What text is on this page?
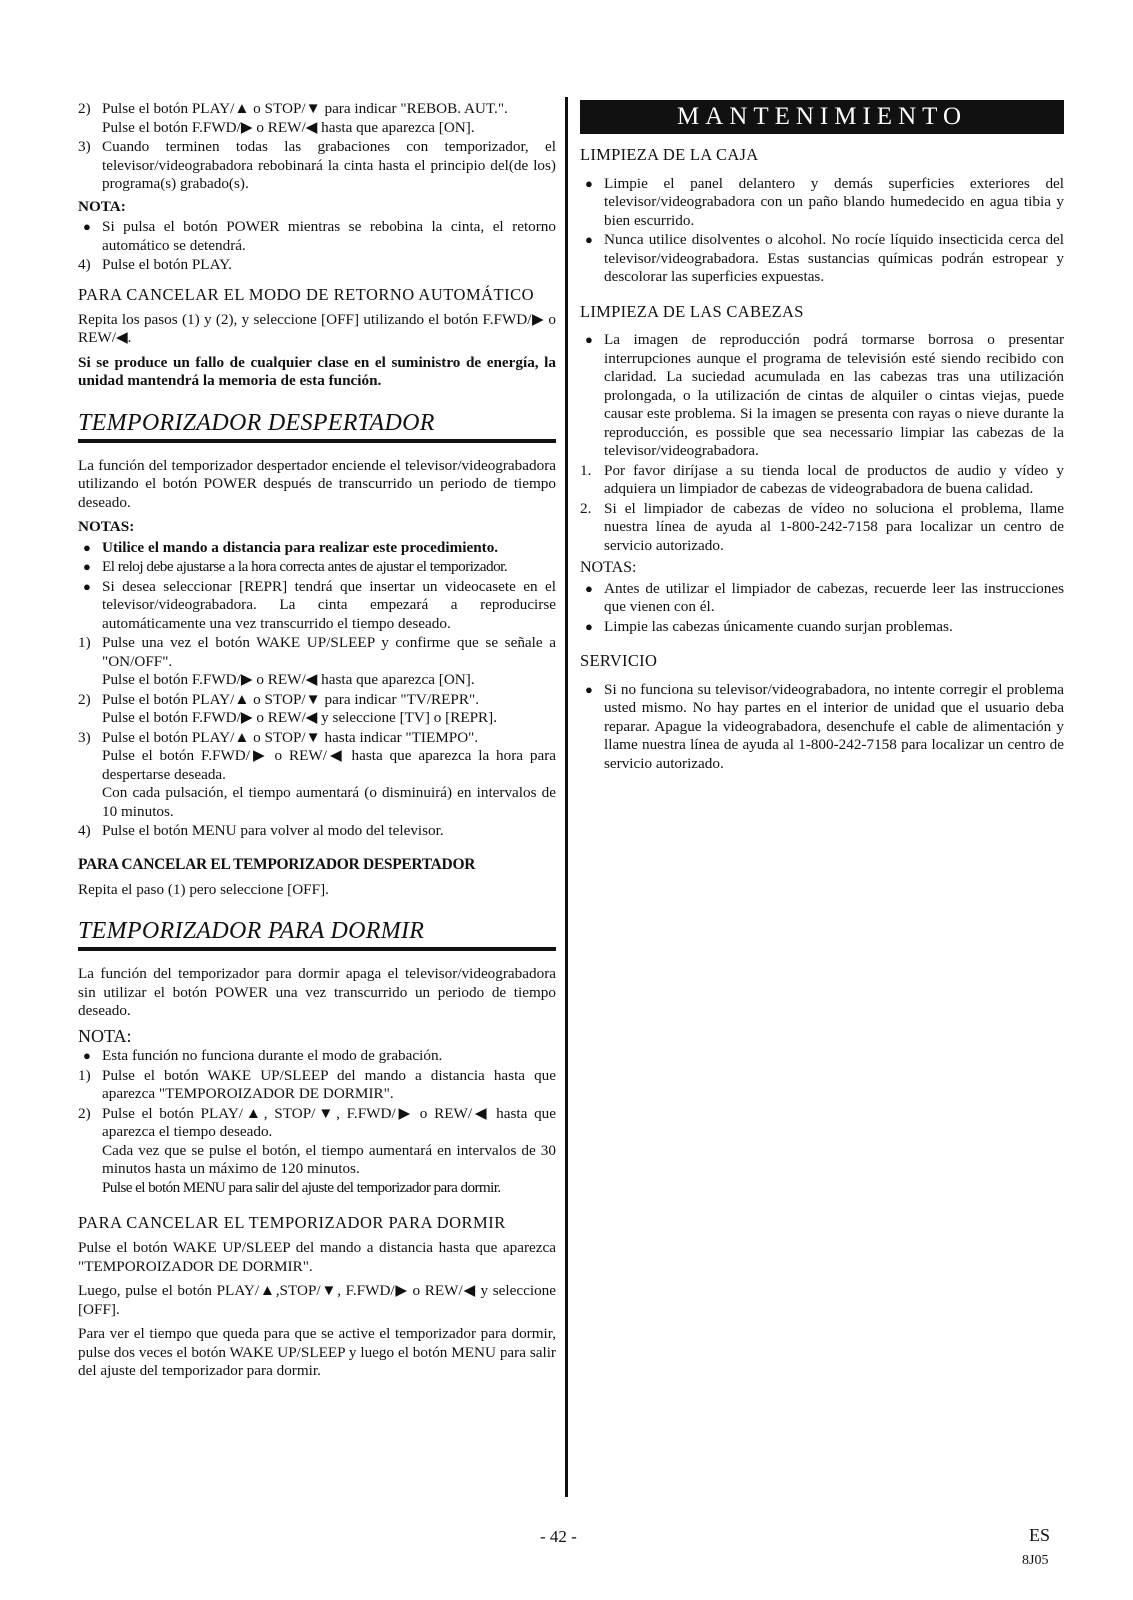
2) Pulse el botón PLAY/▲ o STOP/▼ para indicar "REBOB. AUT.".
Pulse el botón F.FWD/▶ o REW/◀ hasta que aparezca [ON].
3) Cuando terminen todas las grabaciones con temporizador, el televisor/videograbadora rebobinará la cinta hasta el principio del(de los) programa(s) grabado(s).
NOTA:
● Si pulsa el botón POWER mientras se rebobina la cinta, el retorno automático se detendrá.
4) Pulse el botón PLAY.
PARA CANCELAR EL MODO DE RETORNO AUTOMÁTICO

Repita los pasos (1) y (2), y seleccione [OFF] utilizando el botón F.FWD/▶ o REW/◀.

Si se produce un fallo de cualquier clase en el suministro de energía, la unidad mantendrá la memoria de esta función.

TEMPORIZADOR DESPERTADOR

La función del temporizador despertador enciende el televisor/videograbadora utilizando el botón POWER después de transcurrido un periodo de tiempo deseado.

NOTAS:
● Utilice el mando a distancia para realizar este procedimiento.
● El reloj debe ajustarse a la hora correcta antes de ajustar el temporizador.
● Si desea seleccionar [REPR] tendrá que insertar un videocasete en el televisor/videograbadora. La cinta empezará a reproducirse automáticamente una vez transcurrido el tiempo deseado.
1) Pulse una vez el botón WAKE UP/SLEEP y confirme que se señale a "ON/OFF".
Pulse el botón F.FWD/▶ o REW/◀ hasta que aparezca [ON].
2) Pulse el botón PLAY/▲ o STOP/▼ para indicar "TV/REPR".
Pulse el botón F.FWD/▶ o REW/◀ y seleccione [TV] o [REPR].
3) Pulse el botón PLAY/▲ o STOP/▼ hasta indicar "TIEMPO".
Pulse el botón F.FWD/▶ o REW/◀ hasta que aparezca la hora para despertarse deseada.
Con cada pulsación, el tiempo aumentará (o disminuirá) en intervalos de 10 minutos.
4) Pulse el botón MENU para volver al modo del televisor.
PARA CANCELAR EL TEMPORIZADOR DESPERTADOR

Repita el paso (1) pero seleccione [OFF].

TEMPORIZADOR PARA DORMIR

La función del temporizador para dormir apaga el televisor/videograbadora sin utilizar el botón POWER una vez transcurrido un periodo de tiempo deseado.

NOTA:
● Esta función no funciona durante el modo de grabación.
1) Pulse el botón WAKE UP/SLEEP del mando a distancia hasta que aparezca "TEMPOROIZADOR DE DORMIR".
2) Pulse el botón PLAY/▲, STOP/▼, F.FWD/▶ o REW/◀ hasta que aparezca el tiempo deseado.
Cada vez que se pulse el botón, el tiempo aumentará en intervalos de 30 minutos hasta un máximo de 120 minutos.
Pulse el botón MENU para salir del ajuste del temporizador para dormir.
PARA CANCELAR EL TEMPORIZADOR PARA DORMIR

Pulse el botón WAKE UP/SLEEP del mando a distancia hasta que aparezca "TEMPOROIZADOR DE DORMIR".

Luego, pulse el botón PLAY/▲,STOP/▼, F.FWD/▶ o REW/◀ y seleccione [OFF].

Para ver el tiempo que queda para que se active el temporizador para dormir, pulse dos veces el botón WAKE UP/SLEEP y luego el botón MENU para salir del ajuste del temporizador para dormir.

MANTENIMIENTO
LIMPIEZA DE LA CAJA
● Limpie el panel delantero y demás superficies exteriores del televisor/videograbadora con un paño blando humedecido en agua tibia y bien escurrido.
● Nunca utilice disolventes o alcohol. No rocíe líquido insecticida cerca del televisor/videograbadora. Estas sustancias químicas podrán estropear y descolorar las superficies expuestas.
LIMPIEZA DE LAS CABEZAS
● La imagen de reproducción podrá tormarse borrosa o presentar interrupciones aunque el programa de televisión esté siendo recibido con claridad. La suciedad acumulada en las cabezas tras una utilización prolongada, o la utilización de cintas de alquiler o cintas viejas, puede causar este problema. Si la imagen se presenta con rayas o nieve durante la reproducción, es possible que sea necessario limpiar las cabezas de la televisor/videograbadora.
1. Por favor diríjase a su tienda local de productos de audio y vídeo y adquiera un limpiador de cabezas de videograbadora de buena calidad.
2. Si el limpiador de cabezas de vídeo no soluciona el problema, llame nuestra línea de ayuda al 1-800-242-7158 para localizar un centro de servicio autorizado.
NOTAS:
● Antes de utilizar el limpiador de cabezas, recuerde leer las instrucciones que vienen con él.
● Limpie las cabezas únicamente cuando surjan problemas.
SERVICIO
● Si no funciona su televisor/videograbadora, no intente corregir el problema usted mismo. No hay partes en el interior de unidad que el usuario deba reparar. Apague la videograbadora, desenchufe el cable de alimentación y llame nuestra línea de ayuda al 1-800-242-7158 para localizar un centro de servicio autorizado.
- 42 -	ES
8J05
